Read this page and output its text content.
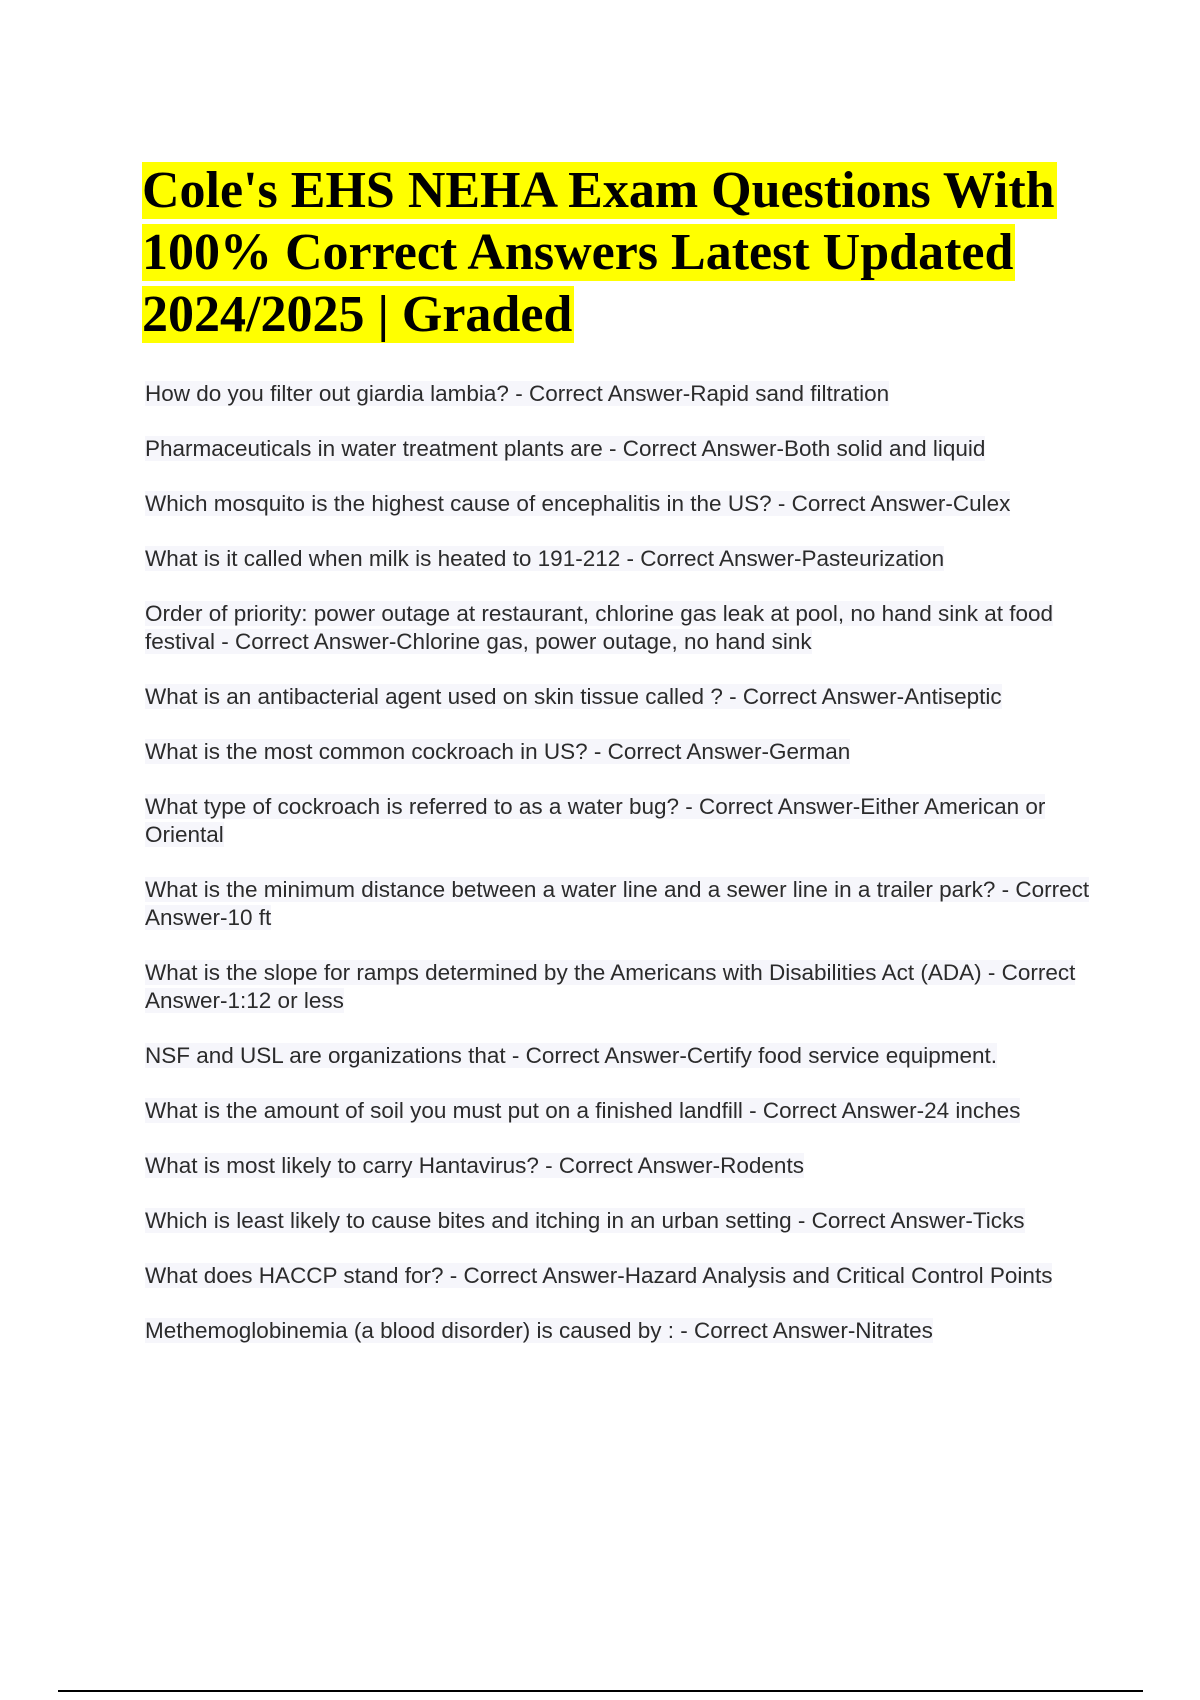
Cole's EHS NEHA Exam Questions With 100% Correct Answers Latest Updated 2024/2025 | Graded
How do you filter out giardia lambia? - Correct Answer-Rapid sand filtration
Pharmaceuticals in water treatment plants are - Correct Answer-Both solid and liquid
Which mosquito is the highest cause of encephalitis in the US? - Correct Answer-Culex
What is it called when milk is heated to 191-212 - Correct Answer-Pasteurization
Order of priority: power outage at restaurant, chlorine gas leak at pool, no hand sink at food festival - Correct Answer-Chlorine gas, power outage, no hand sink
What is an antibacterial agent used on skin tissue called ? - Correct Answer-Antiseptic
What is the most common cockroach in US? - Correct Answer-German
What type of cockroach is referred to as a water bug? - Correct Answer-Either American or Oriental
What is the minimum distance between a water line and a sewer line in a trailer park? - Correct Answer-10 ft
What is the slope for ramps determined by the Americans with Disabilities Act (ADA) - Correct Answer-1:12 or less
NSF and USL are organizations that - Correct Answer-Certify food service equipment.
What is the amount of soil you must put on a finished landfill - Correct Answer-24 inches
What is most likely to carry Hantavirus? - Correct Answer-Rodents
Which is least likely to cause bites and itching in an urban setting - Correct Answer-Ticks
What does HACCP stand for? - Correct Answer-Hazard Analysis and Critical Control Points
Methemoglobinemia (a blood disorder) is caused by : - Correct Answer-Nitrates
